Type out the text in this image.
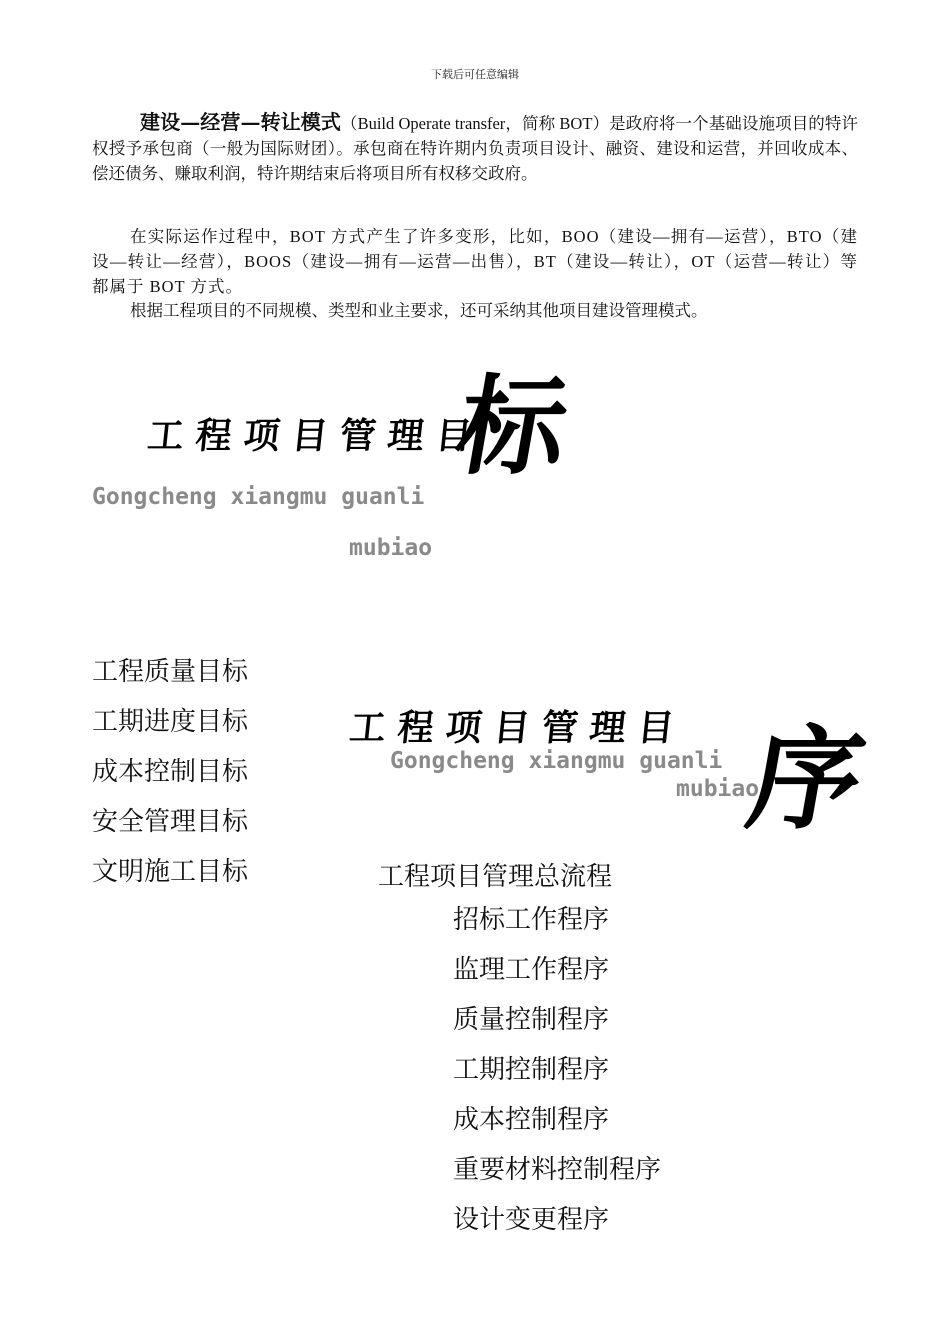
下载后可任意编辑

建设—经营—转让模式（Build Operate transfer，简称 BOT）是政府将一个基础设施项目的特许权授予承包商（一般为国际财团）。承包商在特许期内负责项目设计、融资、建设和运营，并回收成本、偿还债务、赚取利润，特许期结束后将项目所有权移交政府。

在实际运作过程中，BOT 方式产生了许多变形，比如，BOO（建设—拥有—运营），BTO（建设—转让—经营），BOOS（建设—拥有—运营—出售），BT（建设—转让），OT（运营—转让）等都属于 BOT 方式。

根据工程项目的不同规模、类型和业主要求，还可采纳其他项目建设管理模式。

工程项目管理目
标
Gongcheng xiangmu guanli
mubiao
工程质量目标
工期进度目标
成本控制目标
安全管理目标
文明施工目标
工程项目管理目
Gongcheng xiangmu guanli
mubiao
序
工程项目管理总流程
招标工作程序
监理工作程序
质量控制程序
工期控制程序
成本控制程序
重要材料控制程序
设计变更程序
